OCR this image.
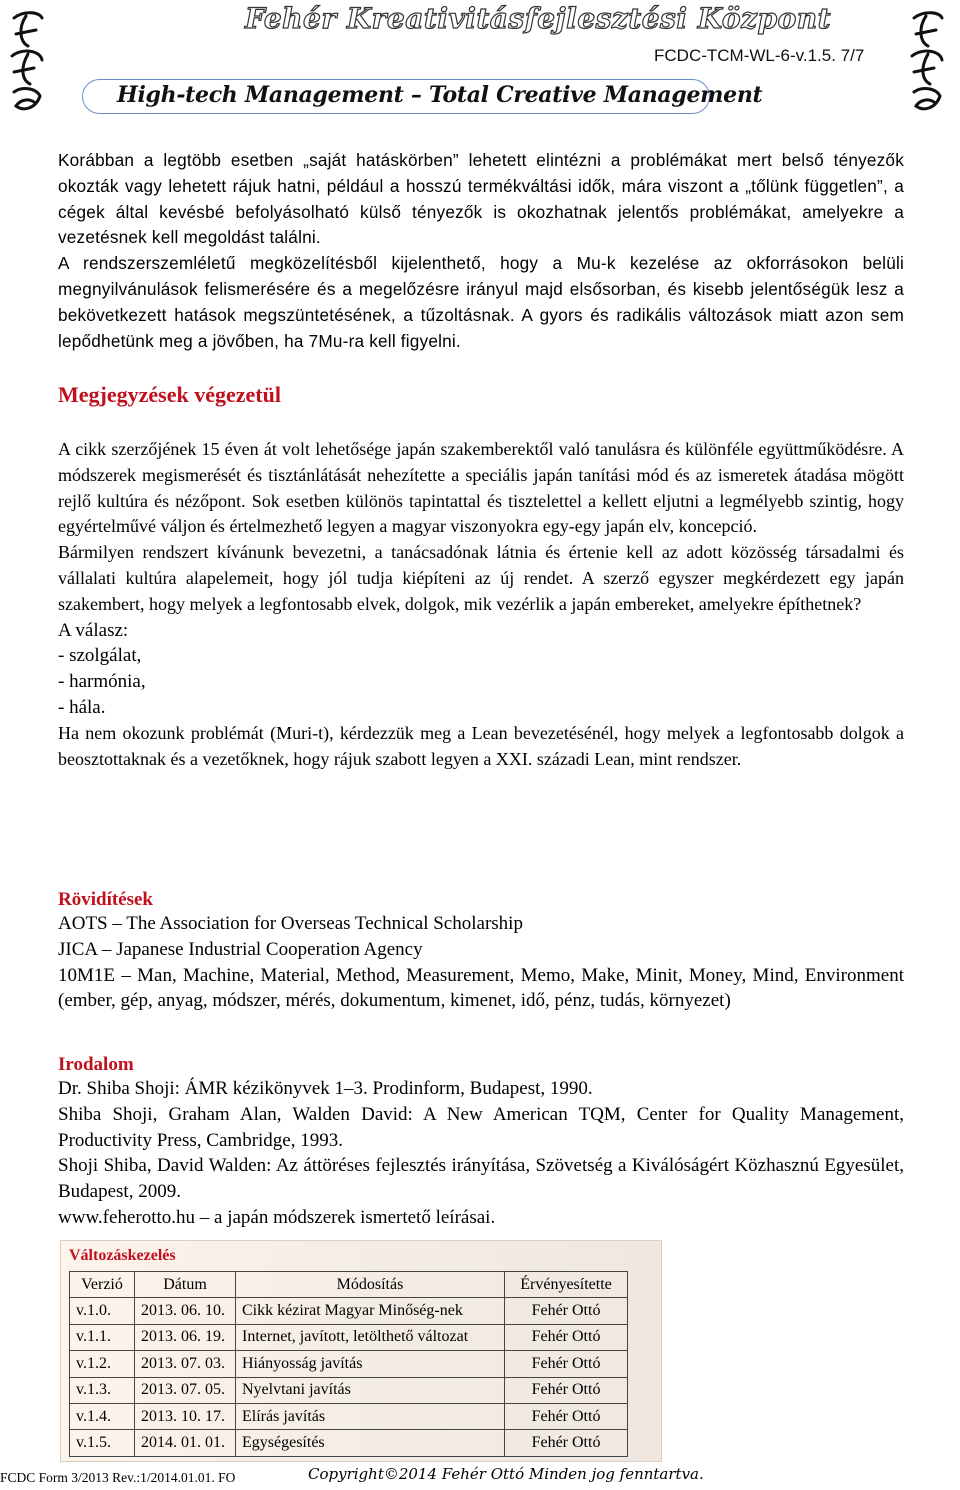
Fehér Kreativitásfejlesztési Központ
FCDC-TCM-WL-6-v.1.5. 7/7
High-tech Management – Total Creative Management

Korábban a legtöbb esetben „saját hatáskörben” lehetett elintézni a problémákat mert belső tényezők okozták vagy lehetett rájuk hatni, például a hosszú termékváltási idők, mára viszont a „tőlünk független”, a cégek által kevésbé befolyásolható külső tényezők is okozhatnak jelentős problémákat, amelyekre a vezetésnek kell megoldást találni.

A rendszerszemléletű megközelítésből kijelenthető, hogy a Mu-k kezelése az okforrásokon belüli megnyilvánulások felismerésére és a megelőzésre irányul majd elsősorban, és kisebb jelentőségük lesz a bekövetkezett hatások megszüntetésének, a tűzoltásnak. A gyors és radikális változások miatt azon sem lepődhetünk meg a jövőben, ha 7Mu-ra kell figyelni.

Megjegyzések végezetül

A cikk szerzőjének 15 éven át volt lehetősége japán szakemberektől való tanulásra és különféle együttműködésre. A módszerek megismerését és tisztánlátását nehezítette a speciális japán tanítási mód és az ismeretek átadása mögött rejlő kultúra és nézőpont. Sok esetben különös tapintattal és tisztelettel a kellett eljutni a legmélyebb szintig, hogy egyértelművé váljon és értelmezhető legyen a magyar viszonyokra egy-egy japán elv, koncepció.

Bármilyen rendszert kívánunk bevezetni, a tanácsadónak látnia és értenie kell az adott közösség társadalmi és vállalati kultúra alapelemeit, hogy jól tudja kiépíteni az új rendet. A szerző egyszer megkérdezett egy japán szakembert, hogy melyek a legfontosabb elvek, dolgok, mik vezérlik a japán embereket, amelyekre építhetnek?

A válasz:

- szolgálat,

- harmónia,

- hála.

Ha nem okozunk problémát (Muri-t), kérdezzük meg a Lean bevezetésénél, hogy melyek a legfontosabb dolgok a beosztottaknak és a vezetőknek, hogy rájuk szabott legyen a XXI. századi Lean, mint rendszer.

Rövidítések

AOTS – The Association for Overseas Technical Scholarship

JICA – Japanese Industrial Cooperation Agency

10M1E – Man, Machine, Material, Method, Measurement, Memo, Make, Minit, Money, Mind, Environment (ember, gép, anyag, módszer, mérés, dokumentum, kimenet, idő, pénz, tudás, környezet)

Irodalom

Dr. Shiba Shoji: ÁMR kézikönyvek 1–3. Prodinform, Budapest, 1990.

Shiba Shoji, Graham Alan, Walden David: A New American TQM, Center for Quality Management, Productivity Press, Cambridge, 1993.

Shoji Shiba, David Walden: Az áttöréses fejlesztés irányítása, Szövetség a Kiválóságért Közhasznú Egyesület, Budapest, 2009.

www.feherotto.hu – a japán módszerek ismertető leírásai.

Változáskezelés
Verzió	Dátum	Módosítás	Érvényesítette
v.1.0.	2013. 06. 10.	Cikk kézirat Magyar Minőség-nek	Fehér Ottó
v.1.1.	2013. 06. 19.	Internet, javított, letölthető változat	Fehér Ottó
v.1.2.	2013. 07. 03.	Hiányosság javítás	Fehér Ottó
v.1.3.	2013. 07. 05.	Nyelvtani javítás	Fehér Ottó
v.1.4.	2013. 10. 17.	Elírás javítás	Fehér Ottó
v.1.5.	2014. 01. 01.	Egységesítés	Fehér Ottó
FCDC Form 3/2013 Rev.:1/2014.01.01. FO	Copyright©2014 Fehér Ottó Minden jog fenntartva.
